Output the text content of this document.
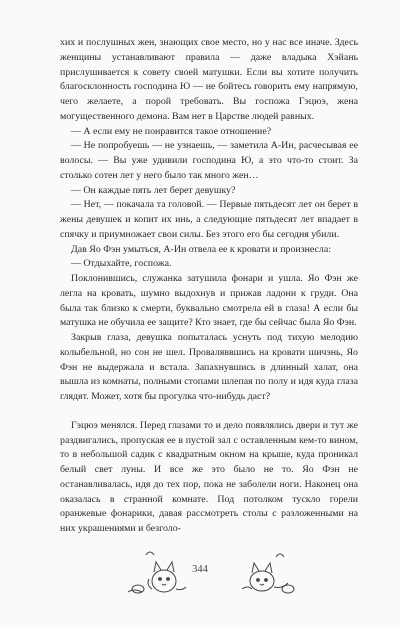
хих и послушных жен, знающих свое место, но у нас все иначе. Здесь женщины устанавливают правила — даже владыка Хэйань прислушивается к совету своей матушки. Если вы хотите получить благосклонность господина Ю — не бойтесь говорить ему напрямую, чего желаете, а порой требовать. Вы госпожа Гэцюэ, жена могущественного демона. Вам нет в Царстве людей равных.

— А если ему не понравится такое отношение?

— Не попробуешь — не узнаешь, — заметила А-Ин, расчесывая ее волосы. — Вы уже удивили господина Ю, а это что-то стоит. За столько сотен лет у него было так много жен…

— Он каждые пять лет берет девушку?

— Нет, — покачала та головой. — Первые пятьдесят лет он берет в жены девушек и копит их инь, а следующие пятьдесят лет впадает в спячку и приумножает свои силы. Без этого его бы сегодня убили.

Дав Яо Фэн умыться, А-Ин отвела ее к кровати и произнесла:

— Отдыхайте, госпожа.

Поклонившись, служанка затушила фонари и ушла. Яо Фэн же легла на кровать, шумно выдохнув и прижав ладони к груди. Она была так близко к смерти, буквально смотрела ей в глаза! А если бы матушка не обучила ее защите? Кто знает, где бы сейчас была Яо Фэн.

Закрыв глаза, девушка попыталась уснуть под тихую мелодию колыбельной, но сон не шел. Проваляввшись на кровати шичэнь, Яо Фэн не выдержала и встала. Запахнувшись в длинный халат, она вышла из комнаты, полными стопами шлепая по полу и идя куда глаза глядят. Может, хотя бы прогулка что-нибудь даст?

Гэцюэ менялся. Перед глазами то и дело появлялись двери и тут же раздвигались, пропуская ее в пустой зал с оставленным кем-то вином, то в небольшой садик с квадратным окном на крыше, куда проникал белый свет луны. И все же это было не то. Яо Фэн не останавливалась, идя до тех пор, пока не заболели ноги. Наконец она оказалась в странной комнате. Под потолком тускло горели оранжевые фонарики, давая рассмотреть столы с разложенными на них украшениями и безголо-

344
